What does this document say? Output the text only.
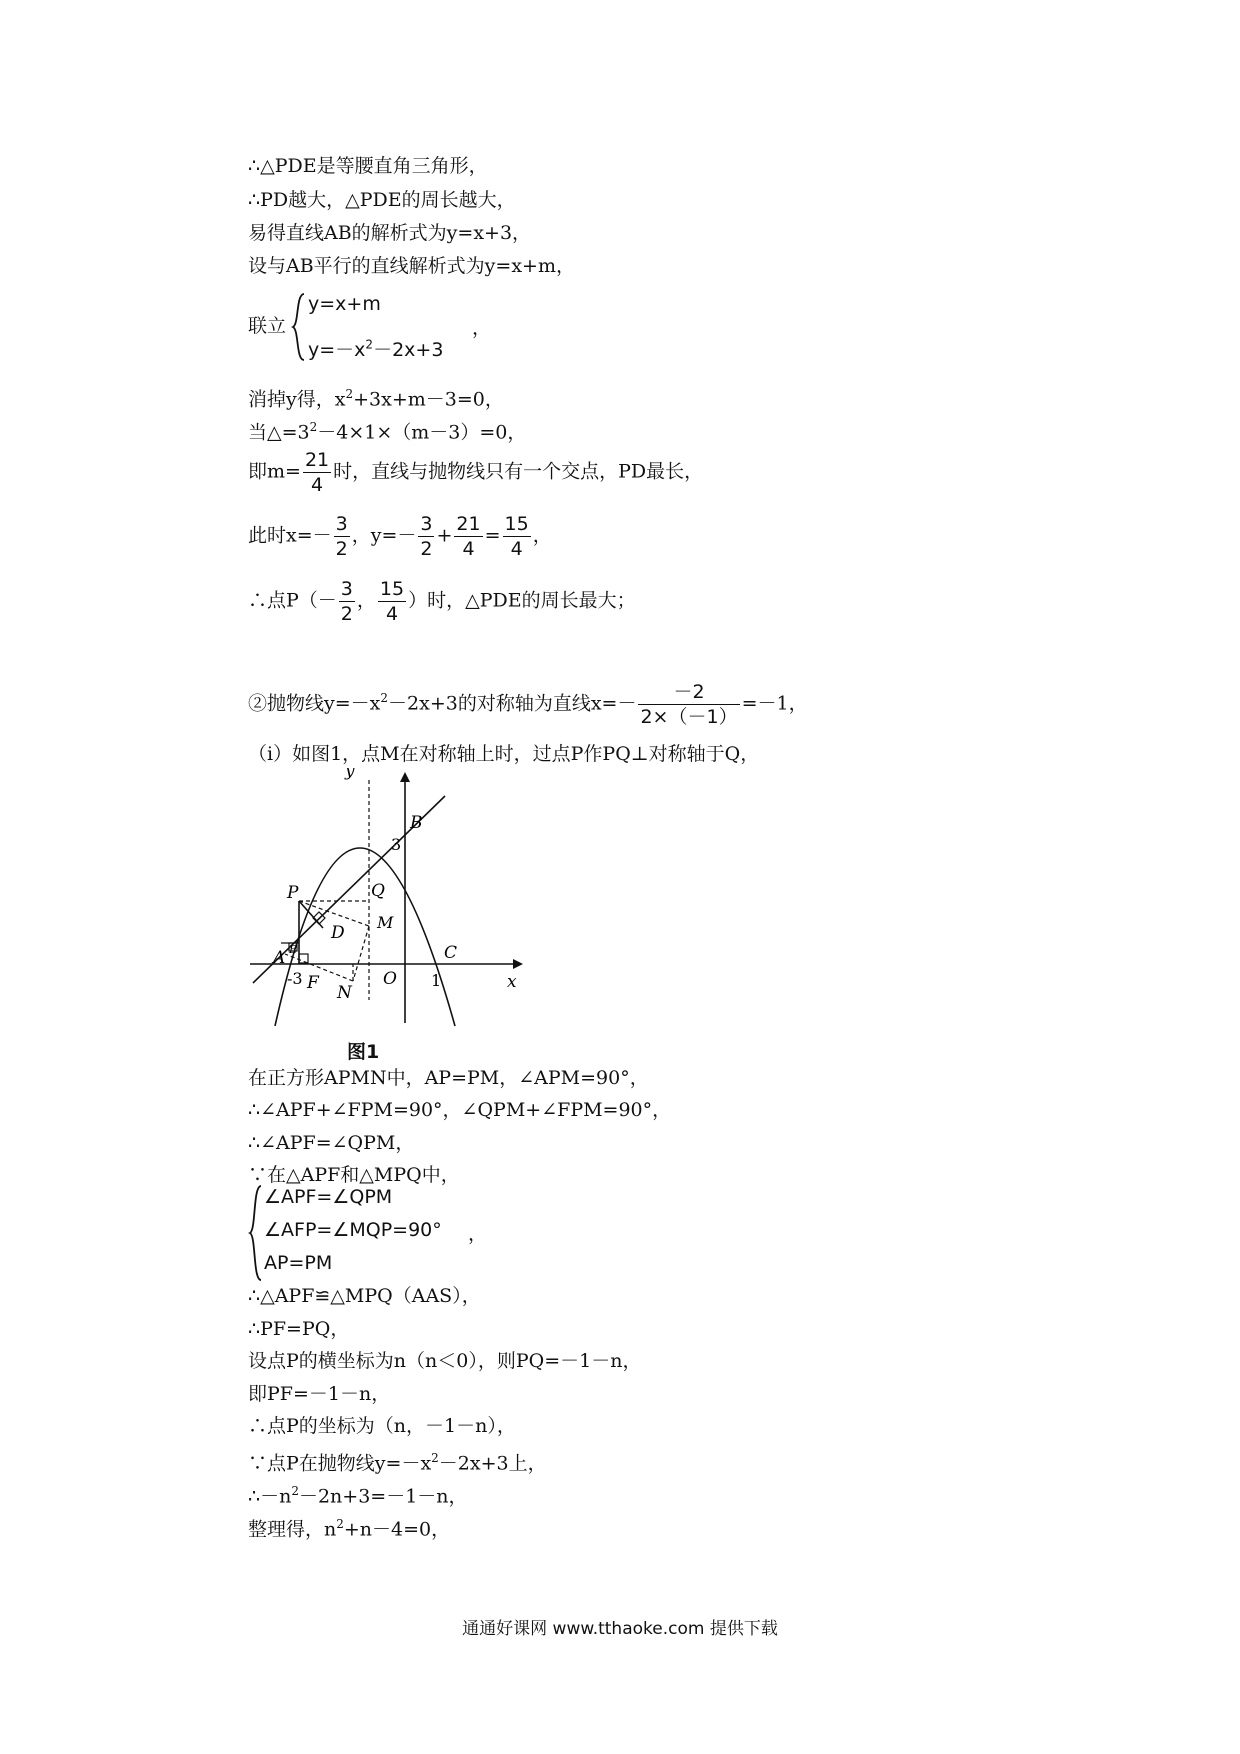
∴△PDE是等腰直角三角形，
∴PD越大，△PDE的周长越大，
易得直线AB的解析式为y=x+3，
设与AB平行的直线解析式为y=x+m，
联立
y=x+m
$y=-x^2-2x+3$
，
消掉y得，$x^2+3x+m-3=0$，
当$\triangle=3^2-4\times 1\times(m-3)=0$，
即$m= \frac{21}{4}$ 时，直线与抛物线只有一个交点，PD最长，
此时$x=- \frac{3}{2}$ ，$y=- \frac{3}{2} + \frac{21}{4} = \frac{15}{4}$ ，
∴点$P(- \frac{3}{2}$ ， $\frac{15}{4}$ ）时，△PDE的周长最大；
②抛物线$y=-x^2-2x+3$的对称轴为直线$x=- \frac{-2}{2\times(-1)} =-1$，
（i）如图1，点M在对称轴上时，过点P作PQ⊥对称轴于Q，
y
x
B
3
P	Q
D
M
A	C
-3 F N
O 1
E
图1
在正方形APMN中，AP=PM，∠APM=90°，
∴∠APF+∠FPM=90°，∠QPM+∠FPM=90°，
∴∠APF=∠QPM，
∵在△APF和△MPQ中，
∠APF=∠QPM
∠AFP=∠MQP=90°
AP=PM
，
∴△APF≌△MPQ（AAS），
∴PF=PQ，
设点P的横坐标为n（n＜0），则PQ=－1－n，
即PF=－1－n，
∴点P的坐标为（n，－1－n），
∵点P在抛物线$y=-x^2-2x+3$上，
$\therefore-n^2-2n+3=-1-n$，
整理得，$n^2+n-4=0$，
通通好课网 www.tthaoke.com 提供下载
